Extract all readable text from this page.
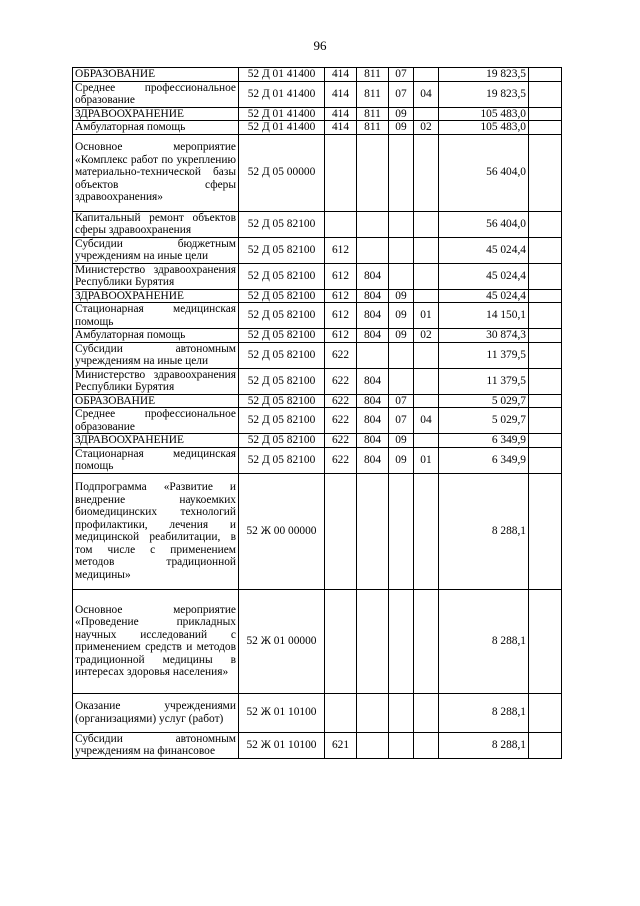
96
ОБРАЗОВАНИЕ	52 Д 01 41400	414	811	07		19 823,5	
Среднее профессиональное образование	52 Д 01 41400	414	811	07	04	19 823,5	
ЗДРАВООХРАНЕНИЕ	52 Д 01 41400	414	811	09		105 483,0	
Амбулаторная помощь	52 Д 01 41400	414	811	09	02	105 483,0	
Основное мероприятие «Комплекс работ по укреплению материально-технической базы объектов сферы здравоохранения»	52 Д 05 00000					56 404,0	
Капитальный ремонт объектов сферы здравоохранения	52 Д 05 82100					56 404,0	
Субсидии бюджетным учреждениям на иные цели	52 Д 05 82100	612				45 024,4	
Министерство здравоохранения Республики Бурятия	52 Д 05 82100	612	804			45 024,4	
ЗДРАВООХРАНЕНИЕ	52 Д 05 82100	612	804	09		45 024,4	
Стационарная медицинская помощь	52 Д 05 82100	612	804	09	01	14 150,1	
Амбулаторная помощь	52 Д 05 82100	612	804	09	02	30 874,3	
Субсидии автономным учреждениям на иные цели	52 Д 05 82100	622				11 379,5	
Министерство здравоохранения Республики Бурятия	52 Д 05 82100	622	804			11 379,5	
ОБРАЗОВАНИЕ	52 Д 05 82100	622	804	07		5 029,7	
Среднее профессиональное образование	52 Д 05 82100	622	804	07	04	5 029,7	
ЗДРАВООХРАНЕНИЕ	52 Д 05 82100	622	804	09		6 349,9	
Стационарная медицинская помощь	52 Д 05 82100	622	804	09	01	6 349,9	
Подпрограмма «Развитие и внедрение наукоемких биомедицинских технологий профилактики, лечения и медицинской реабилитации, в том числе с применением методов традиционной медицины»	52 Ж 00 00000					8 288,1	
Основное мероприятие «Проведение прикладных научных исследований с применением средств и методов традиционной медицины в интересах здоровья населения»	52 Ж 01 00000					8 288,1	
Оказание учреждениями (организациями) услуг (работ)	52 Ж 01 10100					8 288,1	
Субсидии автономным учреждениям на финансовое	52 Ж 01 10100	621				8 288,1	
